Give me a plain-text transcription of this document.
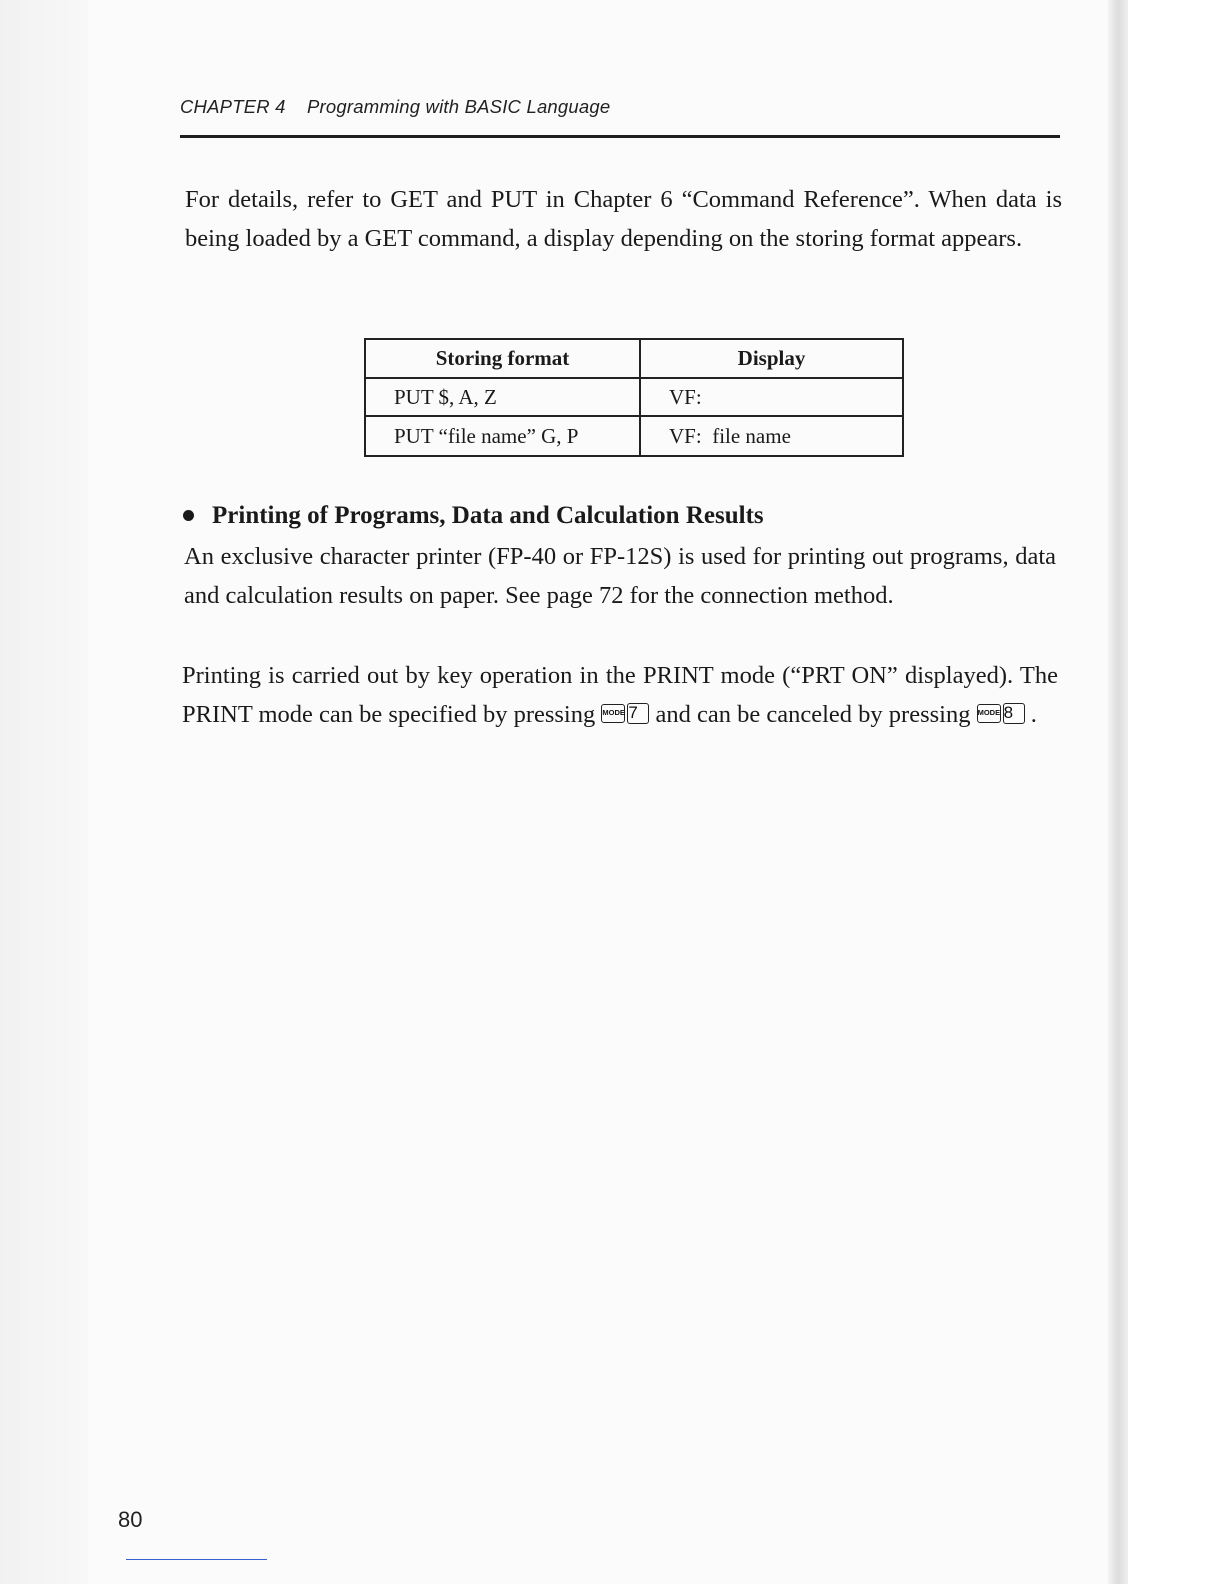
CHAPTER 4 Programming with BASIC Language
For details, refer to GET and PUT in Chapter 6 “Command Reference”. When data is being loaded by a GET command, a display depending on the storing format appears.
Storing format	Display
PUT $, A, Z	VF:
PUT “file name” G, P	VF:  file name
Printing of Programs, Data and Calculation Results
An exclusive character printer (FP-40 or FP-12S) is used for printing out programs, data and calculation results on paper. See page 72 for the connection method.
Printing is carried out by key operation in the PRINT mode (“PRT ON” displayed). The PRINT mode can be specified by pressing MODE 7 and can be canceled by pressing MODE 8 .
80
